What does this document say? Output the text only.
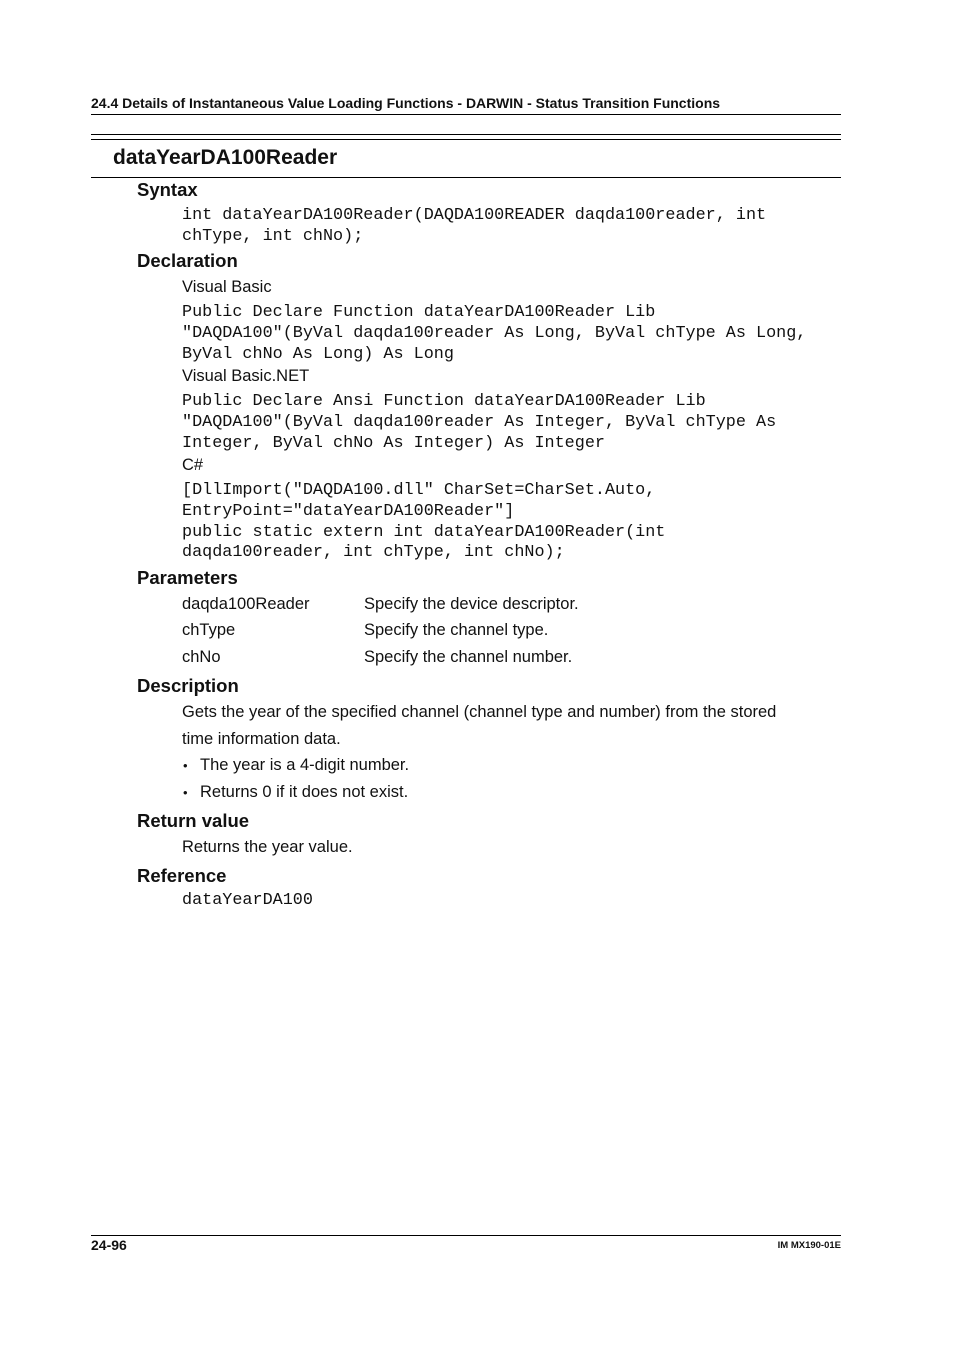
24.4 Details of Instantaneous Value Loading Functions - DARWIN - Status Transition Functions
dataYearDA100Reader
Syntax
int dataYearDA100Reader(DAQDA100READER daqda100reader, int
chType, int chNo);
Declaration
Visual Basic
Public Declare Function dataYearDA100Reader Lib
"DAQDA100"(ByVal daqda100reader As Long, ByVal chType As Long,
ByVal chNo As Long) As Long
Visual Basic.NET
Public Declare Ansi Function dataYearDA100Reader Lib
"DAQDA100"(ByVal daqda100reader As Integer, ByVal chType As
Integer, ByVal chNo As Integer) As Integer
C#
[DllImport("DAQDA100.dll" CharSet=CharSet.Auto,
EntryPoint="dataYearDA100Reader"]
public static extern int dataYearDA100Reader(int
daqda100reader, int chType, int chNo);
Parameters
daqda100Reader	Specify the device descriptor.
chType	Specify the channel type.
chNo	Specify the channel number.
Description
Gets the year of the specified channel (channel type and number) from the stored
time information data.
• The year is a 4-digit number.
• Returns 0 if it does not exist.
Return value
Returns the year value.
Reference
dataYearDA100
24-96	IM MX190-01E
